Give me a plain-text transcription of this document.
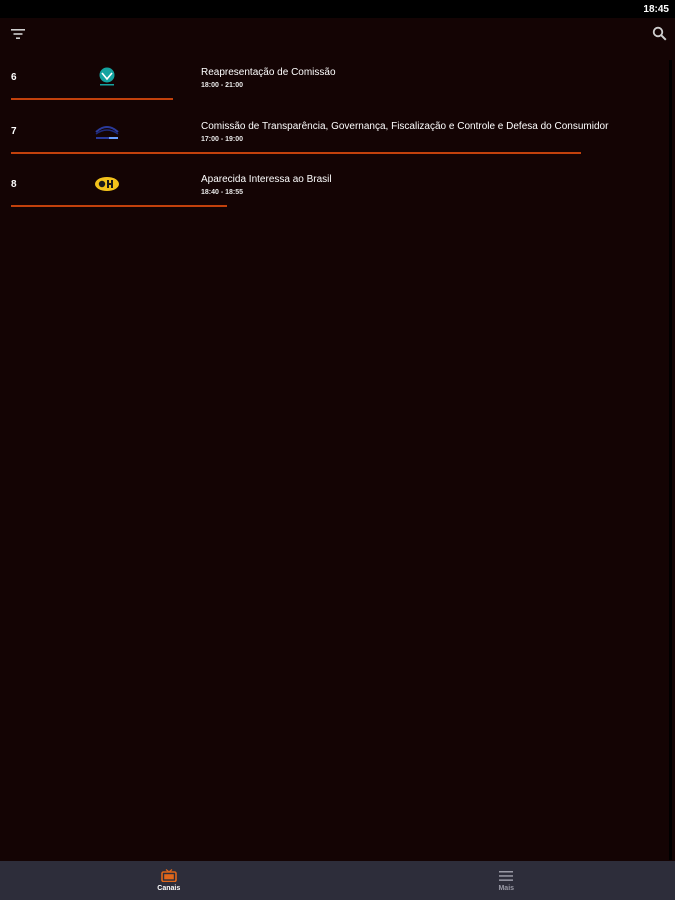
18:45
6	Reapresentação de Comissão
18:00 - 21:00
7	Comissão de Transparência, Governança, Fiscalização e Controle e Defesa do Consumidor
17:00 - 19:00
8	Aparecida Interessa ao Brasil
18:40 - 18:55
Canais	Mais
